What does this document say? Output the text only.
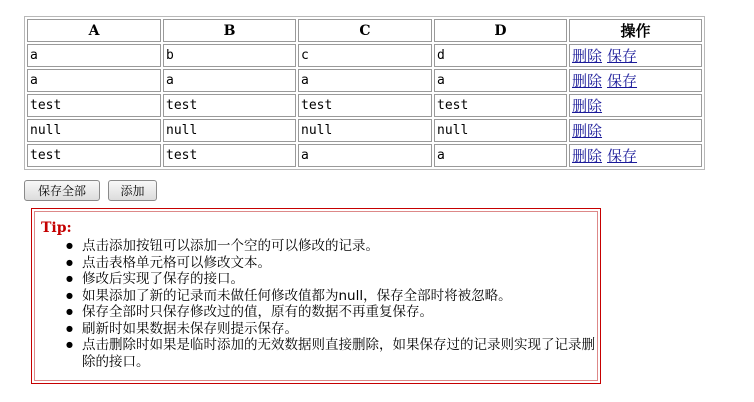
A	B	C	D	操作
a	b	c	d	删除 保存
a	a	a	a	删除 保存
test	test	test	test	删除
null	null	null	null	删除
test	test	a	a	删除 保存
保存全部	添加
Tip:
● 点击添加按钮可以添加一个空的可以修改的记录。
● 点击表格单元格可以修改文本。
● 修改后实现了保存的接口。
● 如果添加了新的记录而未做任何修改值都为null，保存全部时将被忽略。
● 保存全部时只保存修改过的值，原有的数据不再重复保存。
● 刷新时如果数据未保存则提示保存。
● 点击删除时如果是临时添加的无效数据则直接删除，如果保存过的记录则实现了记录删除的接口。
